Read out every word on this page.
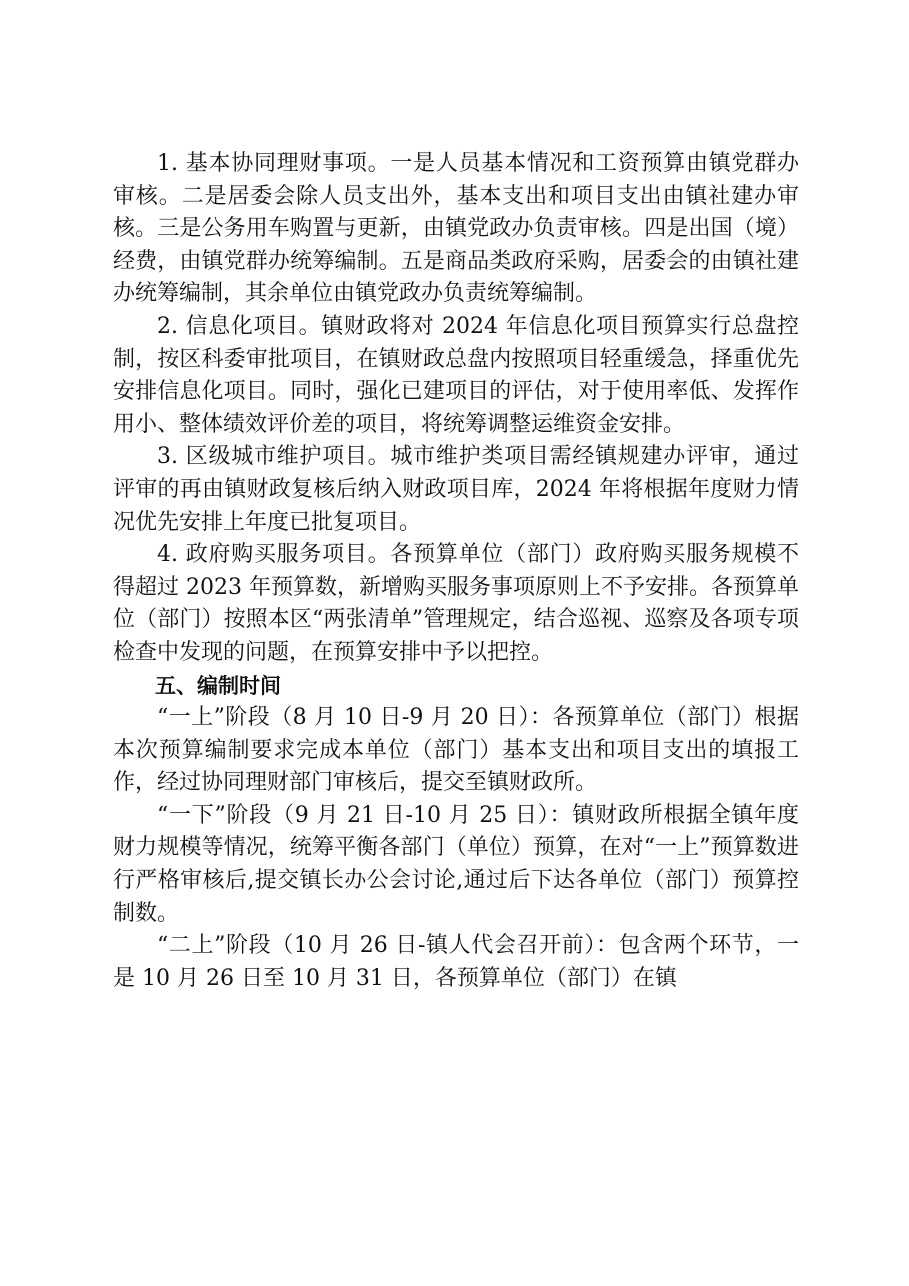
1. 基本协同理财事项。一是人员基本情况和工资预算由镇党群办审核。二是居委会除人员支出外，基本支出和项目支出由镇社建办审核。三是公务用车购置与更新，由镇党政办负责审核。四是出国（境）经费，由镇党群办统筹编制。五是商品类政府采购，居委会的由镇社建办统筹编制，其余单位由镇党政办负责统筹编制。

2. 信息化项目。镇财政将对 2024 年信息化项目预算实行总盘控制，按区科委审批项目，在镇财政总盘内按照项目轻重缓急，择重优先安排信息化项目。同时，强化已建项目的评估，对于使用率低、发挥作用小、整体绩效评价差的项目，将统筹调整运维资金安排。

3. 区级城市维护项目。城市维护类项目需经镇规建办评审，通过评审的再由镇财政复核后纳入财政项目库，2024 年将根据年度财力情况优先安排上年度已批复项目。

4. 政府购买服务项目。各预算单位（部门）政府购买服务规模不得超过 2023 年预算数，新增购买服务事项原则上不予安排。各预算单位（部门）按照本区“两张清单”管理规定，结合巡视、巡察及各项专项检查中发现的问题，在预算安排中予以把控。

五、编制时间

“一上”阶段（8 月 10 日-9 月 20 日）：各预算单位（部门）根据本次预算编制要求完成本单位（部门）基本支出和项目支出的填报工作，经过协同理财部门审核后，提交至镇财政所。

“一下”阶段（9 月 21 日-10 月 25 日）：镇财政所根据全镇年度财力规模等情况，统筹平衡各部门（单位）预算，在对“一上”预算数进行严格审核后,提交镇长办公会讨论,通过后下达各单位（部门）预算控制数。

“二上”阶段（10 月 26 日-镇人代会召开前）：包含两个环节，一是 10 月 26 日至 10 月 31 日，各预算单位（部门）在镇
